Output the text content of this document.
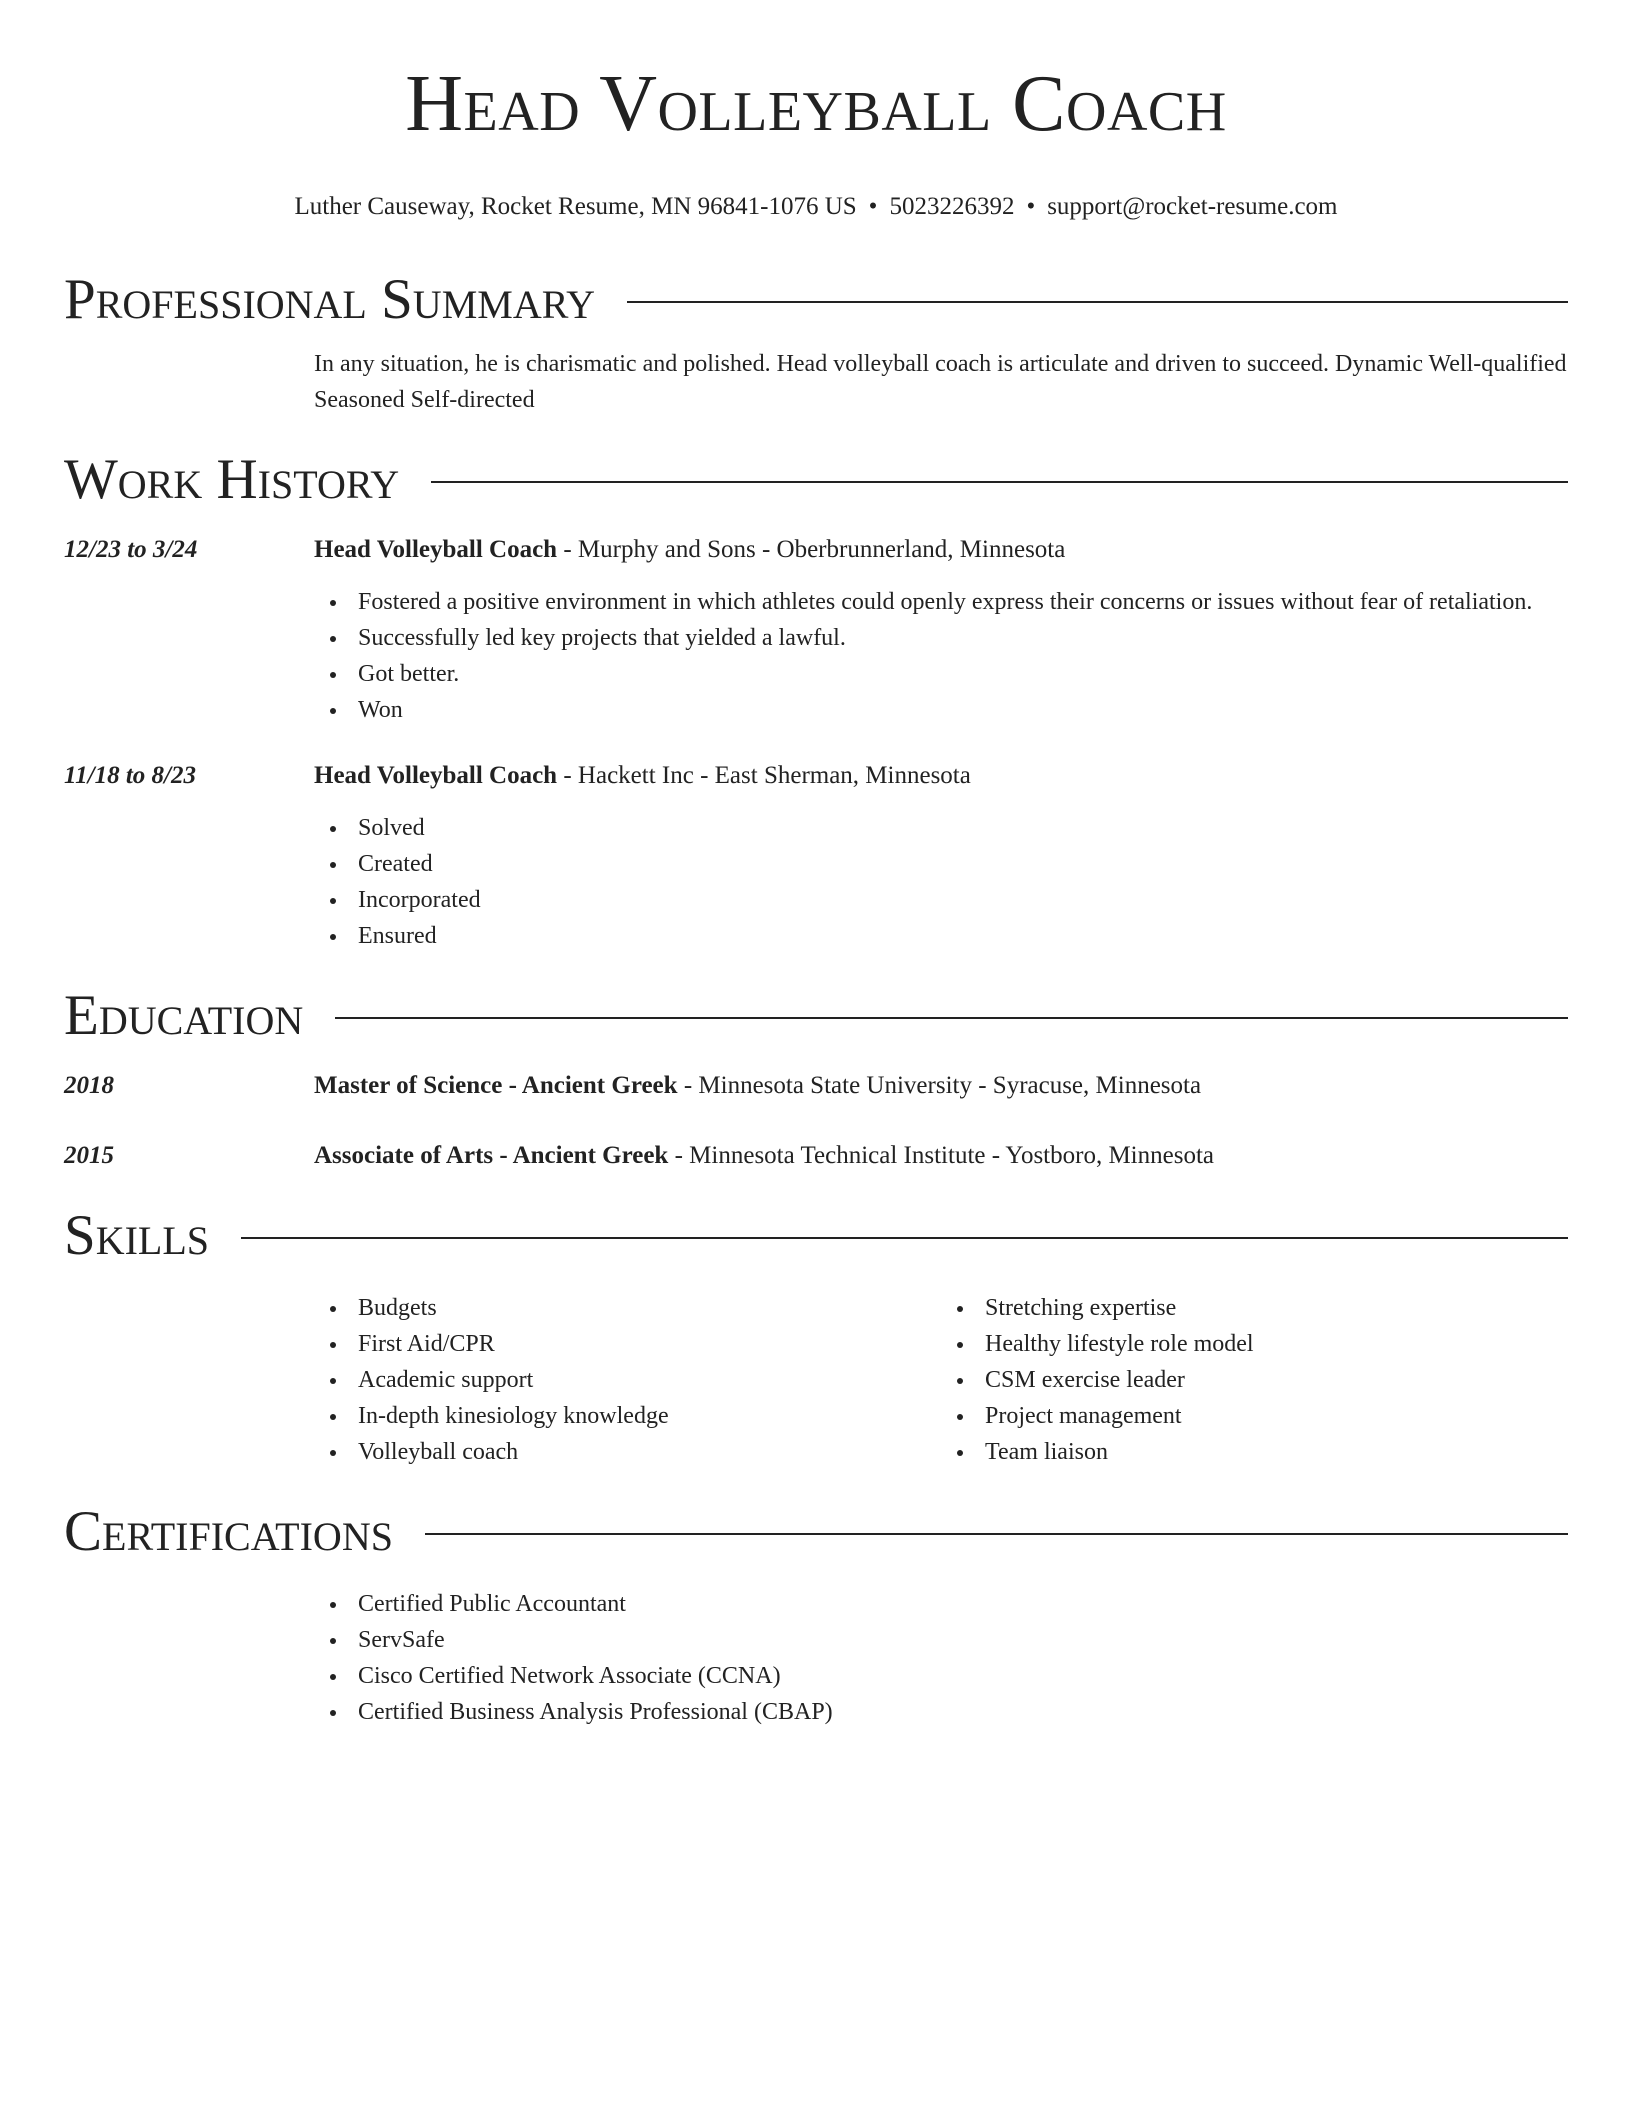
Head Volleyball Coach
Luther Causeway, Rocket Resume, MN 96841-1076 US • 5023226392 • support@rocket-resume.com
Professional Summary
In any situation, he is charismatic and polished. Head volleyball coach is articulate and driven to succeed. Dynamic Well-qualified Seasoned Self-directed
Work History
12/23 to 3/24	Head Volleyball Coach - Murphy and Sons - Oberbrunnerland, Minnesota
Fostered a positive environment in which athletes could openly express their concerns or issues without fear of retaliation.
Successfully led key projects that yielded a lawful.
Got better.
Won
11/18 to 8/23	Head Volleyball Coach - Hackett Inc - East Sherman, Minnesota
Solved
Created
Incorporated
Ensured
Education
2018	Master of Science - Ancient Greek - Minnesota State University - Syracuse, Minnesota
2015	Associate of Arts - Ancient Greek - Minnesota Technical Institute - Yostboro, Minnesota
Skills
Budgets
First Aid/CPR
Academic support
In-depth kinesiology knowledge
Volleyball coach
Stretching expertise
Healthy lifestyle role model
CSM exercise leader
Project management
Team liaison
Certifications
Certified Public Accountant
ServSafe
Cisco Certified Network Associate (CCNA)
Certified Business Analysis Professional (CBAP)
